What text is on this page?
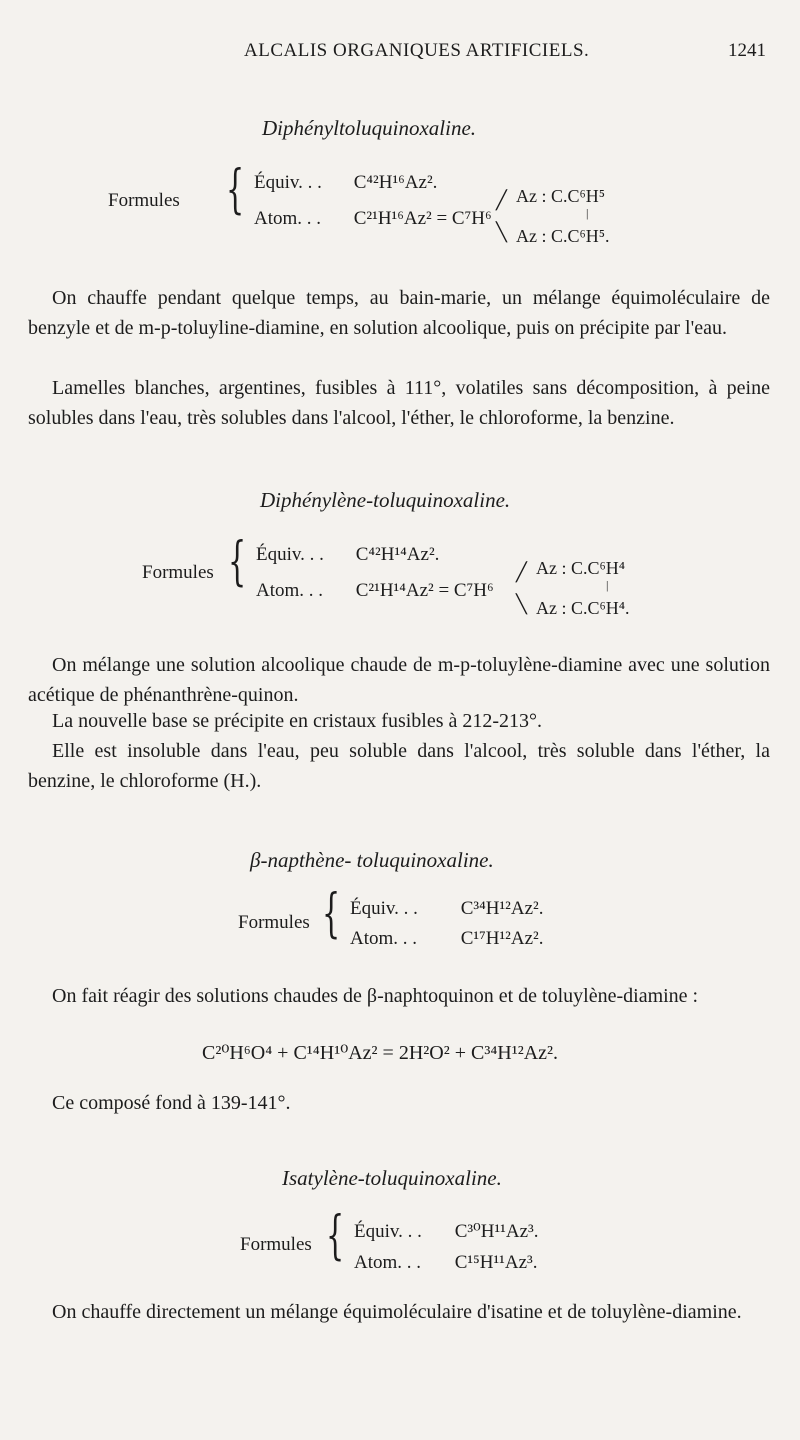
ALCALIS ORGANIQUES ARTIFICIELS.	1241
Diphényltoluquinoxaline.
Formules { Équiv. . . C⁴²H¹⁶Az².
Atom. . . C²¹H¹⁶Az² = C⁷H⁶
╱
╲
Az : C.C⁶H⁵
|
Az : C.C⁶H⁵.

On chauffe pendant quelque temps, au bain-marie, un mélange équimoléculaire de benzyle et de m-p-toluyline-diamine, en solution alcoolique, puis on précipite par l'eau.

Lamelles blanches, argentines, fusibles à 111°, volatiles sans décomposition, à peine solubles dans l'eau, très solubles dans l'alcool, l'éther, le chloroforme, la benzine.

Diphénylène-toluquinoxaline.
Formules { Équiv. . . C⁴²H¹⁴Az².
Atom. . . C²¹H¹⁴Az² = C⁷H⁶
╱
╲
Az : C.C⁶H⁴
|
Az : C.C⁶H⁴.

On mélange une solution alcoolique chaude de m-p-toluylène-diamine avec une solution acétique de phénanthrène-quinon.

La nouvelle base se précipite en cristaux fusibles à 212-213°.

Elle est insoluble dans l'eau, peu soluble dans l'alcool, très soluble dans l'éther, la benzine, le chloroforme (H.).

β-napthène- toluquinoxaline.
Formules { Équiv. . . C³⁴H¹²Az².
Atom. . . C¹⁷H¹²Az².

On fait réagir des solutions chaudes de β-naphtoquinon et de toluylène-diamine :

C²⁰H⁶O⁴ + C¹⁴H¹⁰Az² = 2H²O² + C³⁴H¹²Az².

Ce composé fond à 139-141°.

Isatylène-toluquinoxaline.
Formules { Équiv. . . C³⁰H¹¹Az³.
Atom. . . C¹⁵H¹¹Az³.

On chauffe directement un mélange équimoléculaire d'isatine et de toluylène-diamine.
